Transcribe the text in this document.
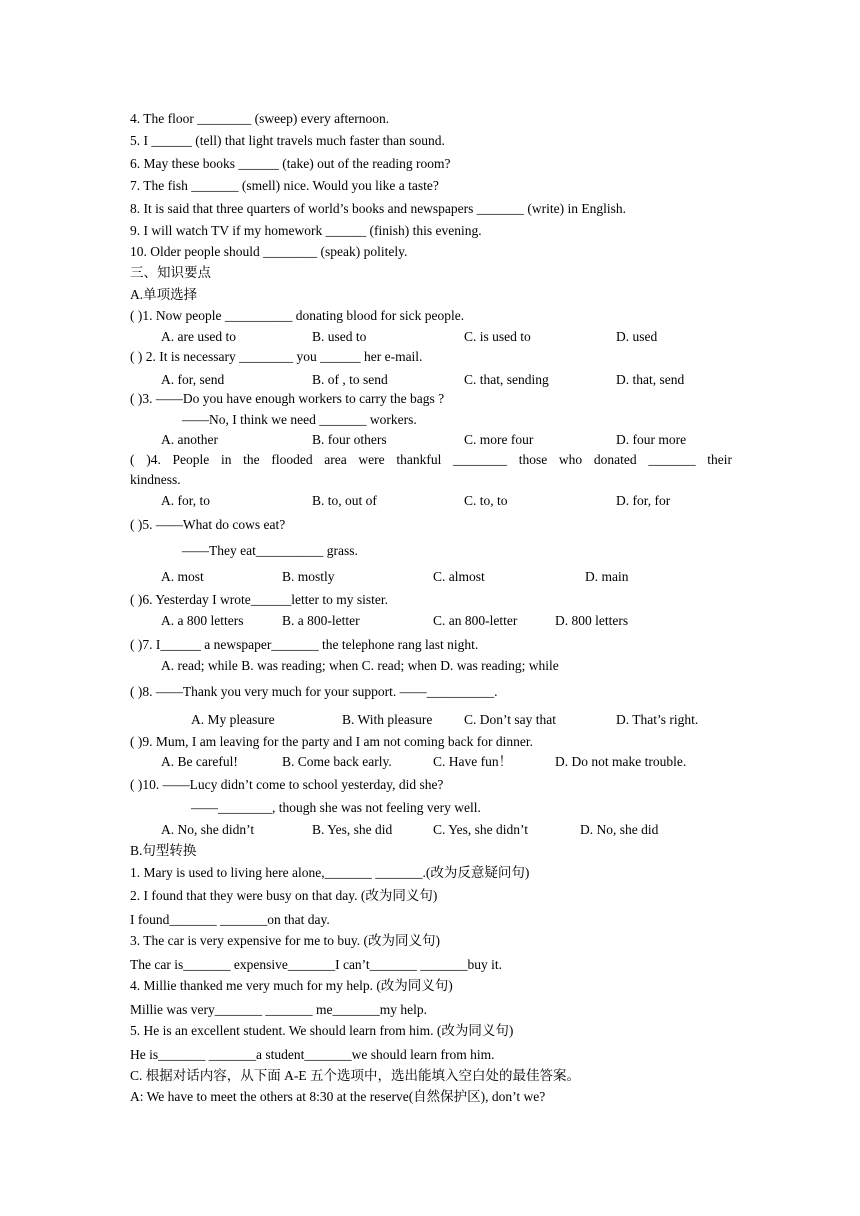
4. The floor ________ (sweep) every afternoon.
5. I ______ (tell) that light travels much faster than sound.
6. May these books ______ (take) out of the reading room?
7. The fish _______ (smell) nice. Would you like a taste?
8. It is said that three quarters of world’s books and newspapers _______ (write) in English.
9. I will watch TV if my homework ______ (finish) this evening.
10. Older people should ________ (speak) politely.
三、知识要点
A.单项选择
( )1. Now people __________ donating blood for sick people.
A. are used to	B. used to	C. is used to	D. used
( ) 2. It is necessary ________ you ______ her e-mail.
A. for, send	B. of , to send	C. that, sending	D. that, send
( )3. ——Do you have enough workers to carry the bags ?
——No, I think we need _______ workers.
A. another	B. four others	C. more four	D. four more
( )4. People in the flooded area were thankful ________ those who donated _______ their
kindness.
A. for, to	B. to, out of	C. to, to	D. for, for
( )5. ——What do cows eat?
——They eat__________ grass.
A. most	B. mostly	C. almost	D. main
( )6. Yesterday I wrote______letter to my sister.
A. a 800 letters	B. a 800-letter	C. an 800-letter	D. 800 letters
( )7. I______ a newspaper_______ the telephone rang last night.
A. read; while B. was reading; when C. read; when D. was reading; while
( )8. ——Thank you very much for your support. ——__________.
A. My pleasure	B. With pleasure C. Don’t say that	D. That’s right.
( )9. Mum, I am leaving for the party and I am not coming back for dinner.
A. Be careful!	B. Come back early.	C. Have fun！	D. Do not make trouble.
( )10. ——Lucy didn’t come to school yesterday, did she?
——________, though she was not feeling very well.
A. No, she didn’t	B. Yes, she did	C. Yes, she didn’t	D. No, she did
B.句型转换
1. Mary is used to living here alone,_______ _______.(改为反意疑问句)
2. I found that they were busy on that day. (改为同义句)
I found_______ _______on that day.
3. The car is very expensive for me to buy. (改为同义句)
The car is_______ expensive_______I can’t_______ _______buy it.
4. Millie thanked me very much for my help. (改为同义句)
Millie was very_______ _______ me_______my help.
5. He is an excellent student. We should learn from him. (改为同义句)
He is_______ _______a student_______we should learn from him.
C. 根据对话内容，从下面 A-E 五个选项中，选出能填入空白处的最佳答案。
A: We have to meet the others at 8:30 at the reserve(自然保护区), don’t we?
